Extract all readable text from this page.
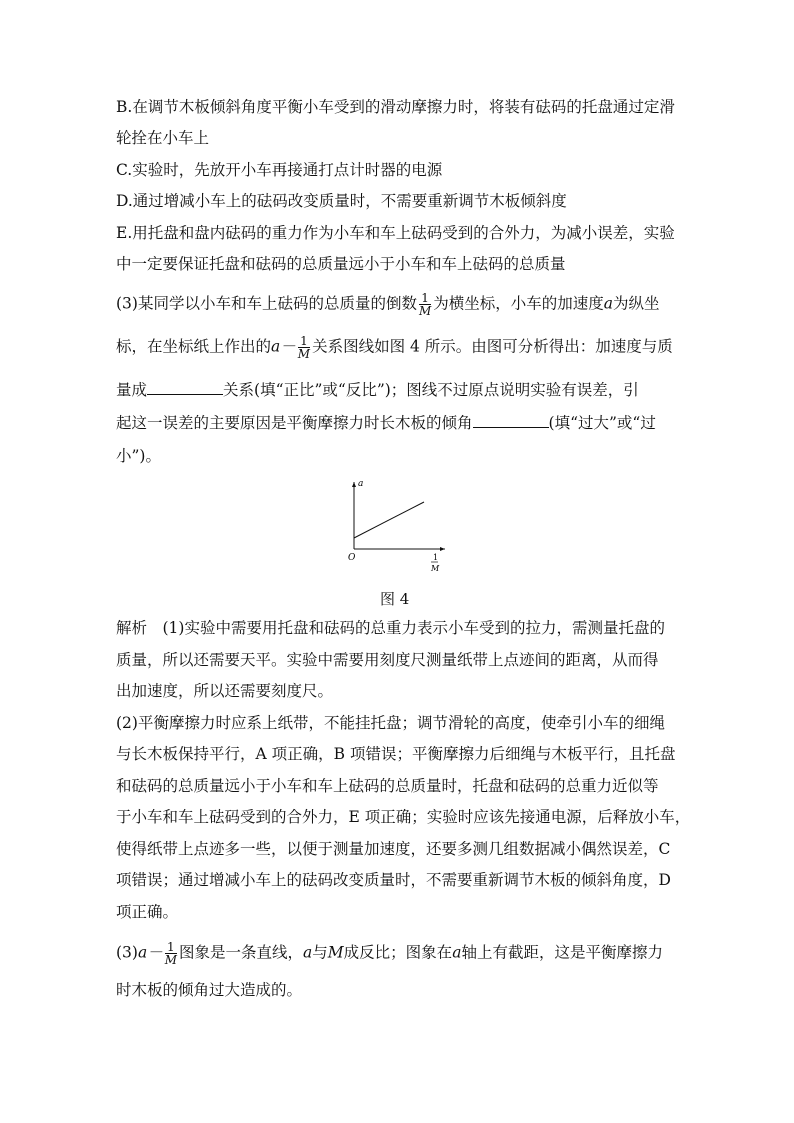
B.在调节木板倾斜角度平衡小车受到的滑动摩擦力时，将装有砝码的托盘通过定滑
轮拴在小车上
C.实验时，先放开小车再接通打点计时器的电源
D.通过增减小车上的砝码改变质量时，不需要重新调节木板倾斜度
E.用托盘和盘内砝码的重力作为小车和车上砝码受到的合外力，为减小误差，实验
中一定要保证托盘和砝码的总质量远小于小车和车上砝码的总质量
(3)某同学以小车和车上砝码的总质量的倒数 $\frac{1}{M}$ 为横坐标，小车的加速度a为纵坐
标，在坐标纸上作出的$a- \frac{1}{M}$ 关系图线如图 4 所示。由图可分析得出：加速度与质
量成	关系(填“正比”或“反比”)；图线不过原点说明实验有误差，引
起这一误差的主要原因是平衡摩擦力时长木板的倾角	(填“过大”或“过
小”)。
a
O	1
M
图 4
解析　(1)实验中需要用托盘和砝码的总重力表示小车受到的拉力，需测量托盘的
质量，所以还需要天平。实验中需要用刻度尺测量纸带上点迹间的距离，从而得
出加速度，所以还需要刻度尺。
(2)平衡摩擦力时应系上纸带，不能挂托盘；调节滑轮的高度，使牵引小车的细绳
与长木板保持平行，A 项正确，B 项错误；平衡摩擦力后细绳与木板平行，且托盘
和砝码的总质量远小于小车和车上砝码的总质量时，托盘和砝码的总重力近似等
于小车和车上砝码受到的合外力，E 项正确；实验时应该先接通电源，后释放小车，
使得纸带上点迹多一些，以便于测量加速度，还要多测几组数据减小偶然误差，C
项错误；通过增减小车上的砝码改变质量时，不需要重新调节木板的倾斜角度，D
项正确。
$(3)a- \frac{1}{M}$ 图象是一条直线，a与M成反比；图象在a轴上有截距，这是平衡摩擦力
时木板的倾角过大造成的。
